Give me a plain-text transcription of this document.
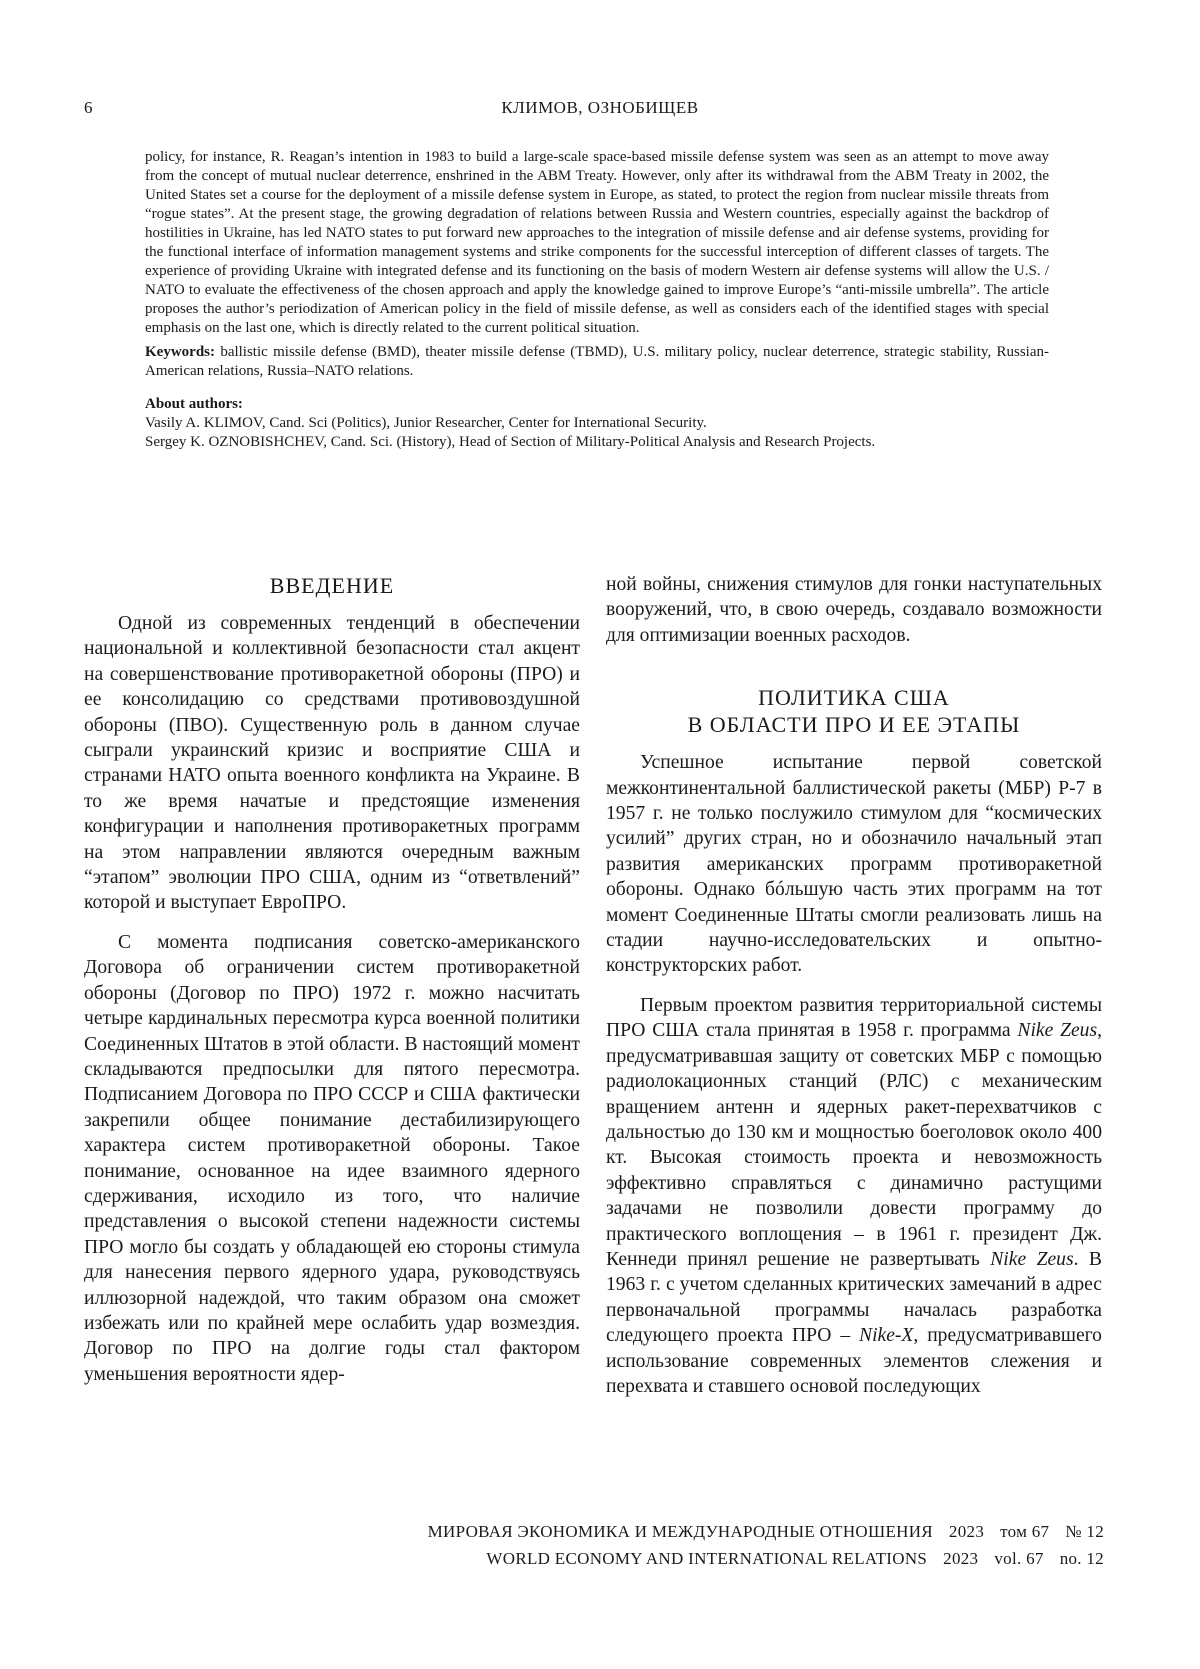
6	КЛИМОВ, ОЗНОБИЩЕВ

policy, for instance, R. Reagan’s intention in 1983 to build a large-scale space-based missile defense system was seen as an attempt to move away from the concept of mutual nuclear deterrence, enshrined in the ABM Treaty. However, only after its withdrawal from the ABM Treaty in 2002, the United States set a course for the deployment of a missile defense system in Europe, as stated, to protect the region from nuclear missile threats from “rogue states”. At the present stage, the growing degradation of relations between Russia and Western countries, especially against the backdrop of hostilities in Ukraine, has led NATO states to put forward new approaches to the integration of missile defense and air defense systems, providing for the functional interface of information management systems and strike components for the successful interception of different classes of targets. The experience of providing Ukraine with integrated defense and its functioning on the basis of modern Western air defense systems will allow the U.S. / NATO to evaluate the effectiveness of the chosen approach and apply the knowledge gained to improve Europe’s “anti-missile umbrella”. The article proposes the author’s periodization of American policy in the field of missile defense, as well as considers each of the identified stages with special emphasis on the last one, which is directly related to the current political situation.

Keywords: ballistic missile defense (BMD), theater missile defense (TBMD), U.S. military policy, nuclear deterrence, strategic stability, Russian-American relations, Russia–NATO relations.

About authors:

Vasily A. KLIMOV, Cand. Sci (Politics), Junior Researcher, Center for International Security.

Sergey K. OZNOBISHCHEV, Cand. Sci. (History), Head of Section of Military-Political Analysis and Research Projects.

ВВЕДЕНИЕ

Одной из современных тенденций в обеспечении национальной и коллективной безопасности стал акцент на совершенствование противоракетной обороны (ПРО) и ее консолидацию со средствами противовоздушной обороны (ПВО). Существенную роль в данном случае сыграли украинский кризис и восприятие США и странами НАТО опыта военного конфликта на Украине. В то же время начатые и предстоящие изменения конфигурации и наполнения противоракетных программ на этом направлении являются очередным важным “этапом” эволюции ПРО США, одним из “ответвлений” которой и выступает ЕвроПРО.

С момента подписания советско-американского Договора об ограничении систем противоракетной обороны (Договор по ПРО) 1972 г. можно насчитать четыре кардинальных пересмотра курса военной политики Соединенных Штатов в этой области. В настоящий момент складываются предпосылки для пятого пересмотра. Подписанием Договора по ПРО СССР и США фактически закрепили общее понимание дестабилизирующего характера систем противоракетной обороны. Такое понимание, основанное на идее взаимного ядерного сдерживания, исходило из того, что наличие представления о высокой степени надежности системы ПРО могло бы создать у обладающей ею стороны стимула для нанесения первого ядерного удара, руководствуясь иллюзорной надеждой, что таким образом она сможет избежать или по крайней мере ослабить удар возмездия. Договор по ПРО на долгие годы стал фактором уменьшения вероятности ядер-

ной войны, снижения стимулов для гонки наступательных вооружений, что, в свою очередь, создавало возможности для оптимизации военных расходов.

ПОЛИТИКА США
В ОБЛАСТИ ПРО И ЕЕ ЭТАПЫ

Успешное испытание первой советской межконтинентальной баллистической ракеты (МБР) Р-7 в 1957 г. не только послужило стимулом для “космических усилий” других стран, но и обозначило начальный этап развития американских программ противоракетной обороны. Однако бóльшую часть этих программ на тот момент Соединенные Штаты смогли реализовать лишь на стадии научно-исследовательских и опытно-конструкторских работ.

Первым проектом развития территориальной системы ПРО США стала принятая в 1958 г. программа Nike Zeus, предусматривавшая защиту от советских МБР с помощью радиолокационных станций (РЛС) с механическим вращением антенн и ядерных ракет-перехватчиков с дальностью до 130 км и мощностью боеголовок около 400 кт. Высокая стоимость проекта и невозможность эффективно справляться с динамично растущими задачами не позволили довести программу до практического воплощения – в 1961 г. президент Дж. Кеннеди принял решение не развертывать Nike Zeus. В 1963 г. с учетом сделанных критических замечаний в адрес первоначальной программы началась разработка следующего проекта ПРО – Nike-X, предусматривавшего использование современных элементов слежения и перехвата и ставшего основой последующих

МИРОВАЯ ЭКОНОМИКА И МЕЖДУНАРОДНЫЕ ОТНОШЕНИЯ 2023 том 67 № 12
WORLD ECONOMY AND INTERNATIONAL RELATIONS 2023 vol. 67 no. 12
